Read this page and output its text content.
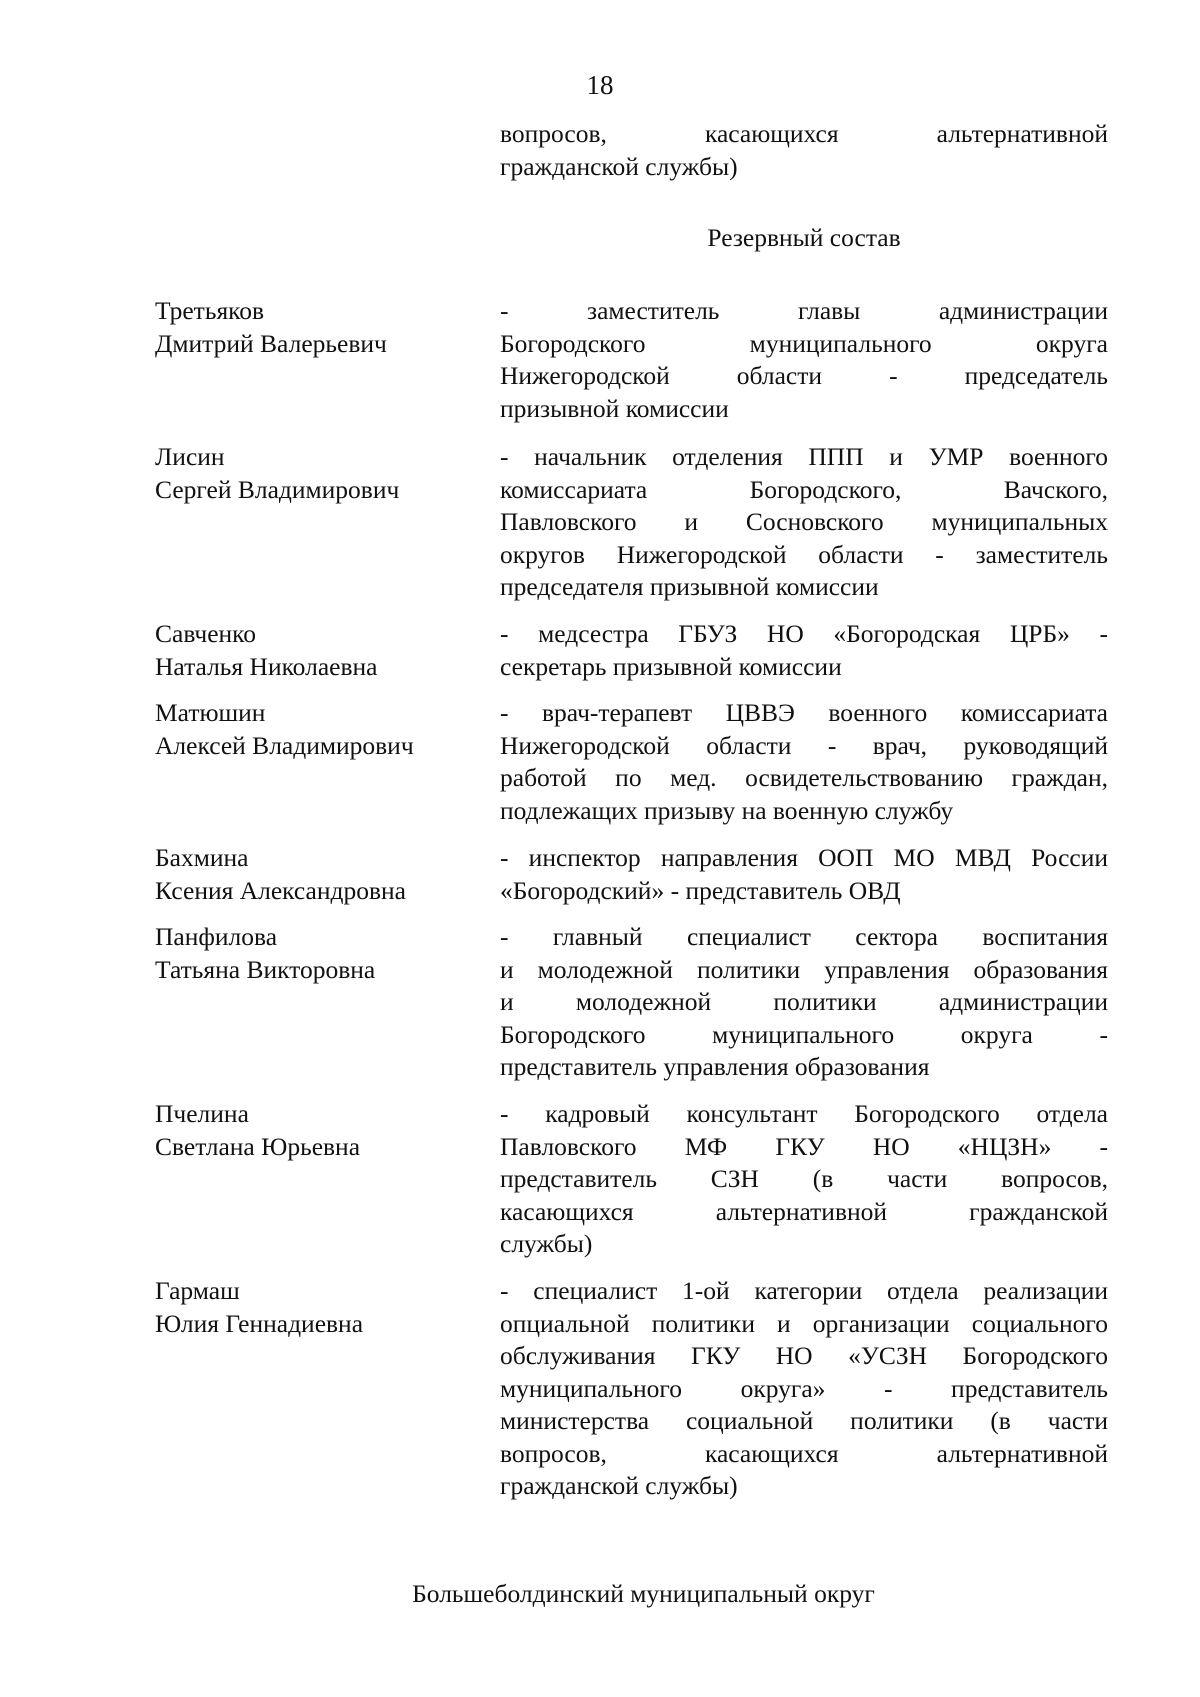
18
вопросов, касающихся альтернативной
гражданской службы)
Резервный состав
Третьяков
Дмитрий Валерьевич
- заместитель главы администрации
Богородского муниципального округа
Нижегородской области - председатель
призывной комиссии
Лисин
Сергей Владимирович
- начальник отделения ППП и УМР военного
комиссариата Богородского, Вачского,
Павловского и Сосновского муниципальных
округов Нижегородской области - заместитель
председателя призывной комиссии
Савченко
Наталья Николаевна
- медсестра ГБУЗ НО «Богородская ЦРБ» -
секретарь призывной комиссии
Матюшин
Алексей Владимирович
- врач-терапевт ЦВВЭ военного комиссариата
Нижегородской области - врач, руководящий
работой по мед. освидетельствованию граждан,
подлежащих призыву на военную службу
Бахмина
Ксения Александровна
- инспектор направления ООП МО МВД России
«Богородский» - представитель ОВД
Панфилова
Татьяна Викторовна
- главный специалист сектора воспитания
и молодежной политики управления образования
и молодежной политики администрации
Богородского муниципального округа -
представитель управления образования
Пчелина
Светлана Юрьевна
- кадровый консультант Богородского отдела
Павловского МФ ГКУ НО «НЦЗН» -
представитель СЗН (в части вопросов,
касающихся альтернативной гражданской
службы)
Гармаш
Юлия Геннадиевна
- специалист 1-ой категории отдела реализации
опциальной политики и организации социального
обслуживания ГКУ НО «УСЗН Богородского
муниципального округа» - представитель
министерства социальной политики (в части
вопросов, касающихся альтернативной
гражданской службы)
Большеболдинский муниципальный округ
